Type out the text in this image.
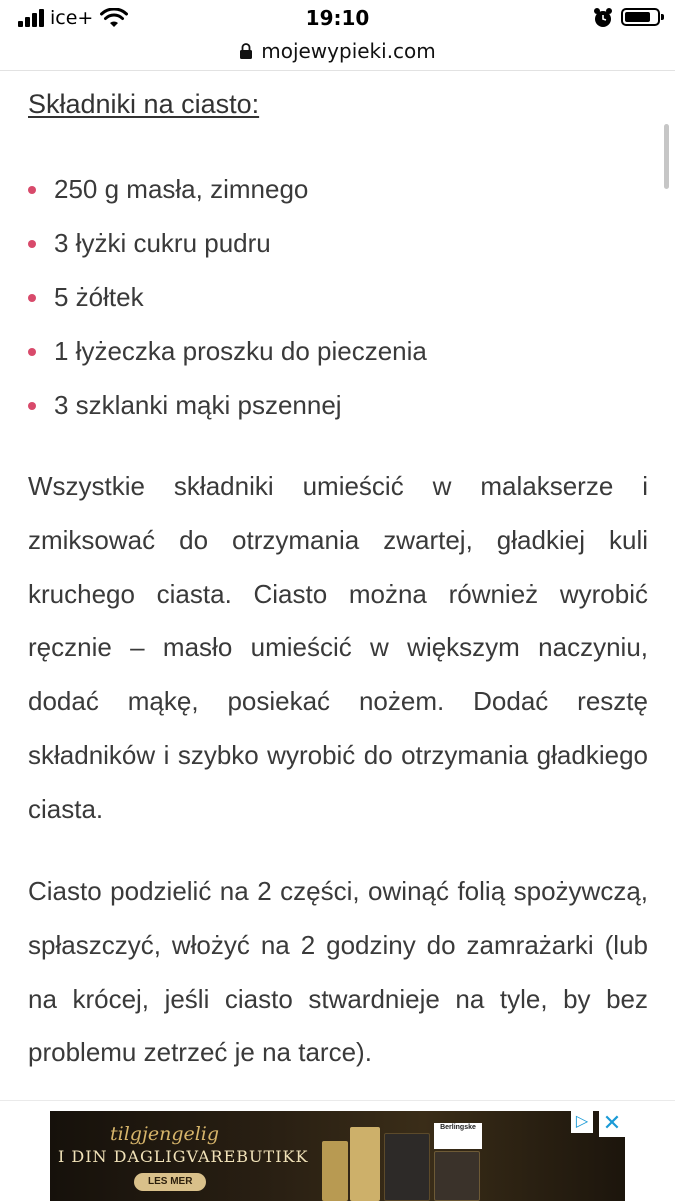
ice+	19:10
mojewypieki.com
Składniki na ciasto:
250 g masła, zimnego
3 łyżki cukru pudru
5 żółtek
1 łyżeczka proszku do pieczenia
3 szklanki mąki pszennej

Wszystkie składniki umieścić w malakserze i zmiksować do otrzymania zwartej, gładkiej kuli kruchego ciasta. Ciasto można również wyrobić ręcznie – masło umieścić w większym naczyniu, dodać mąkę, posiekać nożem. Dodać resztę składników i szybko wyrobić do otrzymania gładkiego ciasta.

Ciasto podzielić na 2 części, owinąć folią spożywczą, spłaszczyć, włożyć na 2 godziny do zamrażarki (lub na krócej, jeśli ciasto stwardnieje na tyle, by bez problemu zetrzeć je na tarce).

tilgjengelig
I DIN DAGLIGVAREBUTIKK
LES MER
Berlingske	▷ ✕
